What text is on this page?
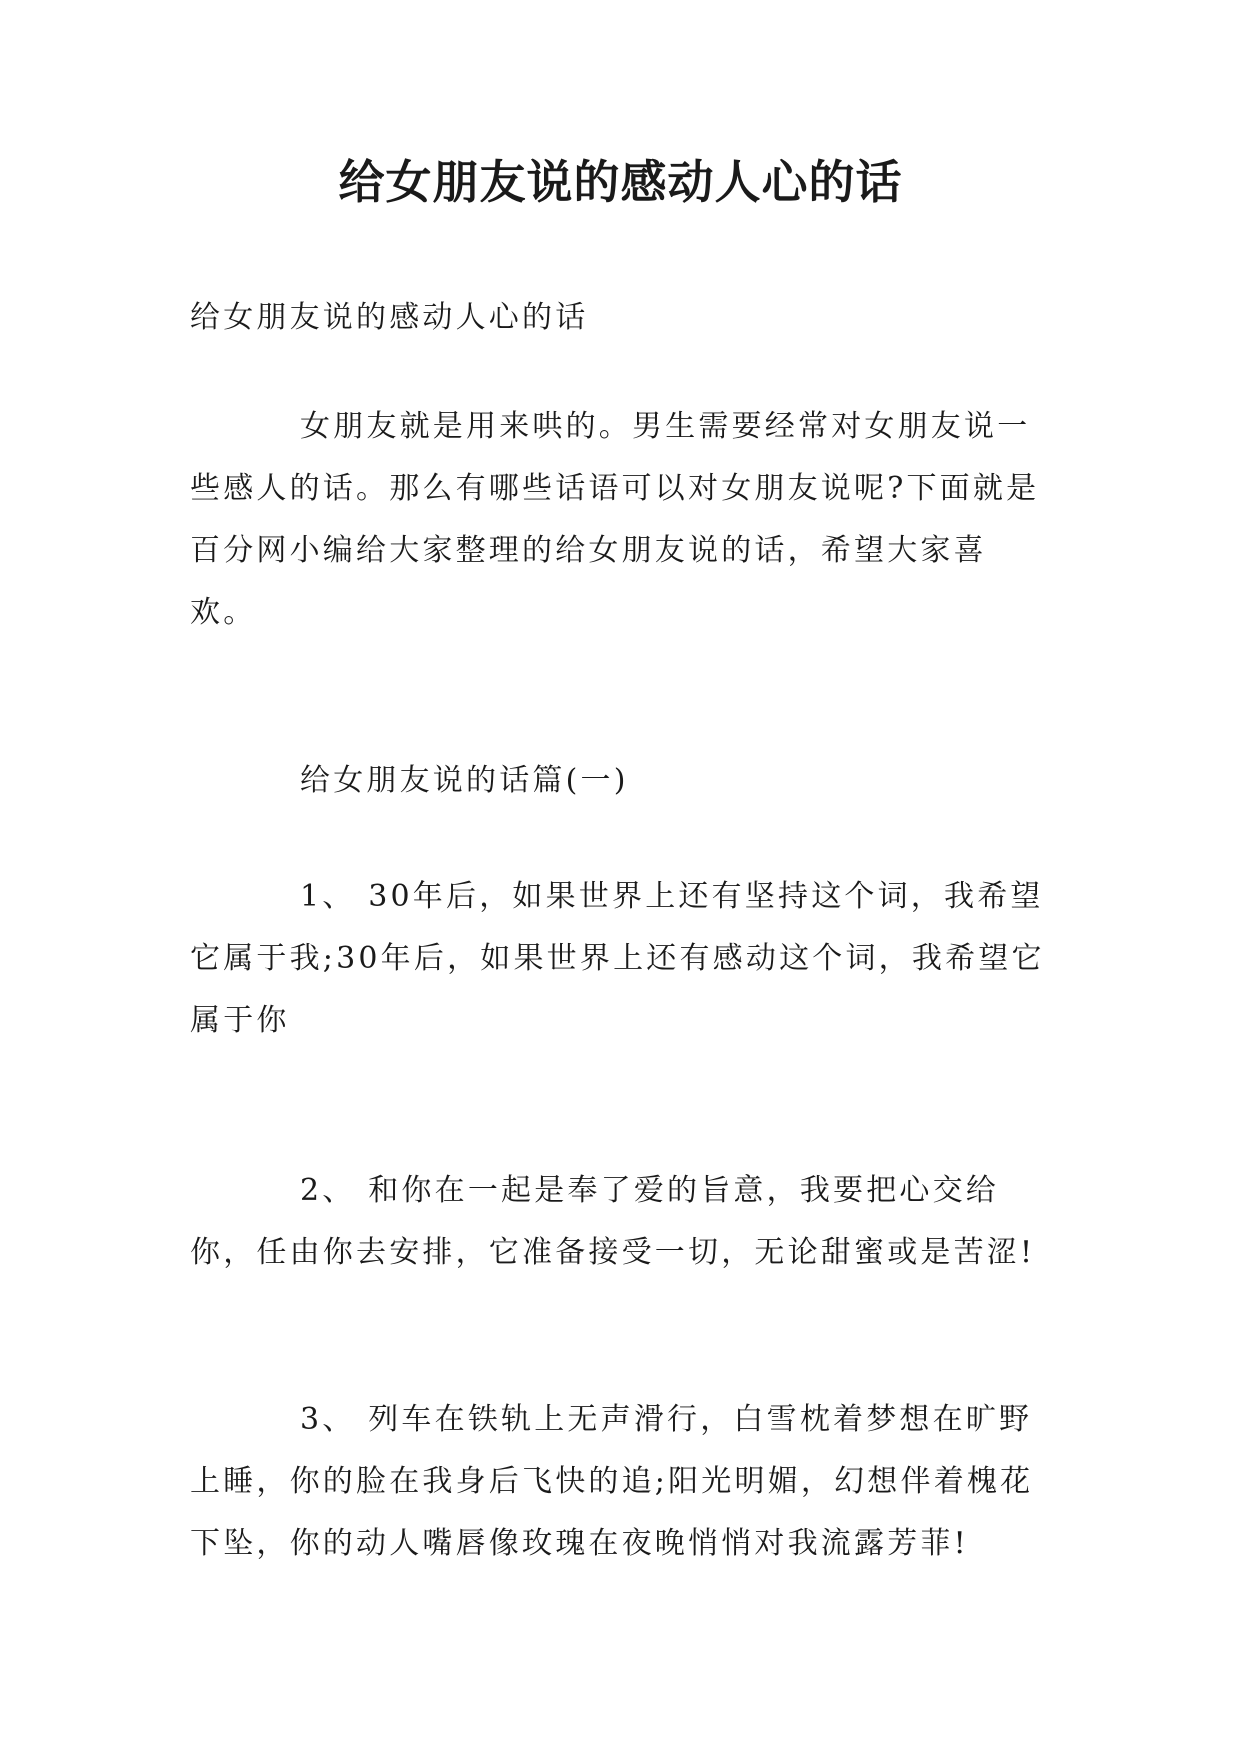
给女朋友说的感动人心的话

给女朋友说的感动人心的话

女朋友就是用来哄的。男生需要经常对女朋友说一些感人的话。那么有哪些话语可以对女朋友说呢?下面就是百分网小编给大家整理的给女朋友说的话，希望大家喜欢。

给女朋友说的话篇(一)

1、 30年后，如果世界上还有坚持这个词，我希望它属于我;30年后，如果世界上还有感动这个词，我希望它属于你

2、 和你在一起是奉了爱的旨意，我要把心交给你，任由你去安排，它准备接受一切，无论甜蜜或是苦涩!

3、 列车在铁轨上无声滑行，白雪枕着梦想在旷野上睡，你的脸在我身后飞快的追;阳光明媚，幻想伴着槐花下坠，你的动人嘴唇像玫瑰在夜晚悄悄对我流露芳菲!
